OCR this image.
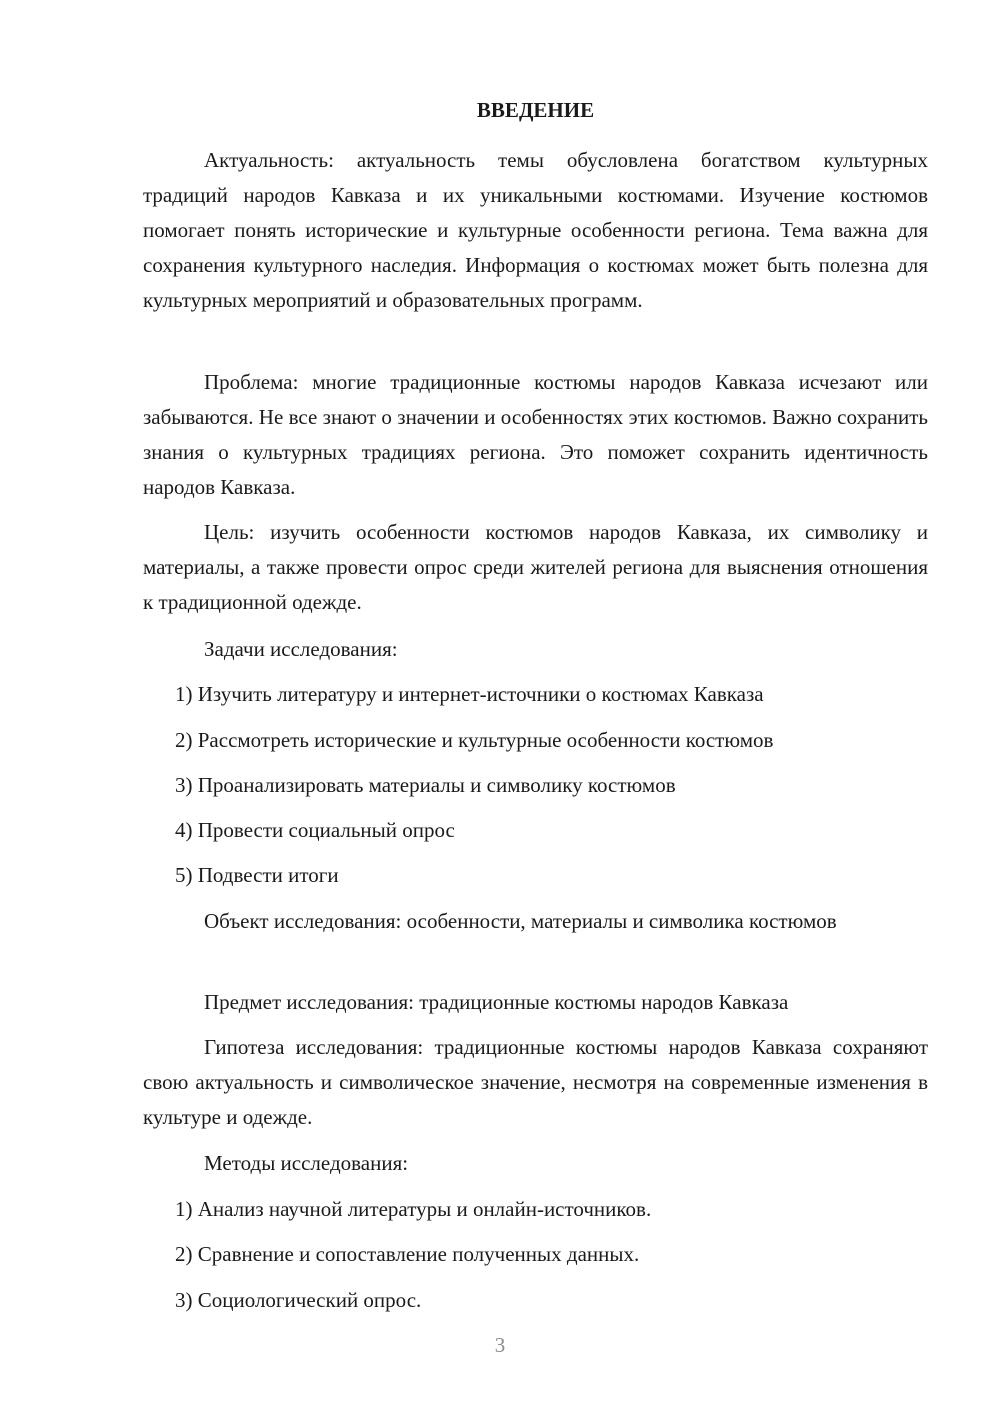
ВВЕДЕНИЕ

Актуальность: актуальность темы обусловлена богатством культурных традиций народов Кавказа и их уникальными костюмами. Изучение костюмов помогает понять исторические и культурные особенности региона. Тема важна для сохранения культурного наследия. Информация о костюмах может быть полезна для культурных мероприятий и образовательных программ.

Проблема: многие традиционные костюмы народов Кавказа исчезают или забываются. Не все знают о значении и особенностях этих костюмов. Важно сохранить знания о культурных традициях региона. Это поможет сохранить идентичность народов Кавказа.

Цель: изучить особенности костюмов народов Кавказа, их символику и материалы, а также провести опрос среди жителей региона для выяснения отношения к традиционной одежде.

Задачи исследования:

1) Изучить литературу и интернет-источники о костюмах Кавказа

2) Рассмотреть исторические и культурные особенности костюмов

3) Проанализировать материалы и символику костюмов

4) Провести социальный опрос

5) Подвести итоги

Объект исследования: особенности, материалы и символика костюмов

Предмет исследования: традиционные костюмы народов Кавказа

Гипотеза исследования: традиционные костюмы народов Кавказа сохраняют свою актуальность и символическое значение, несмотря на современные изменения в культуре и одежде.

Методы исследования:

1) Анализ научной литературы и онлайн-источников.

2) Сравнение и сопоставление полученных данных.

3) Социологический опрос.

3
